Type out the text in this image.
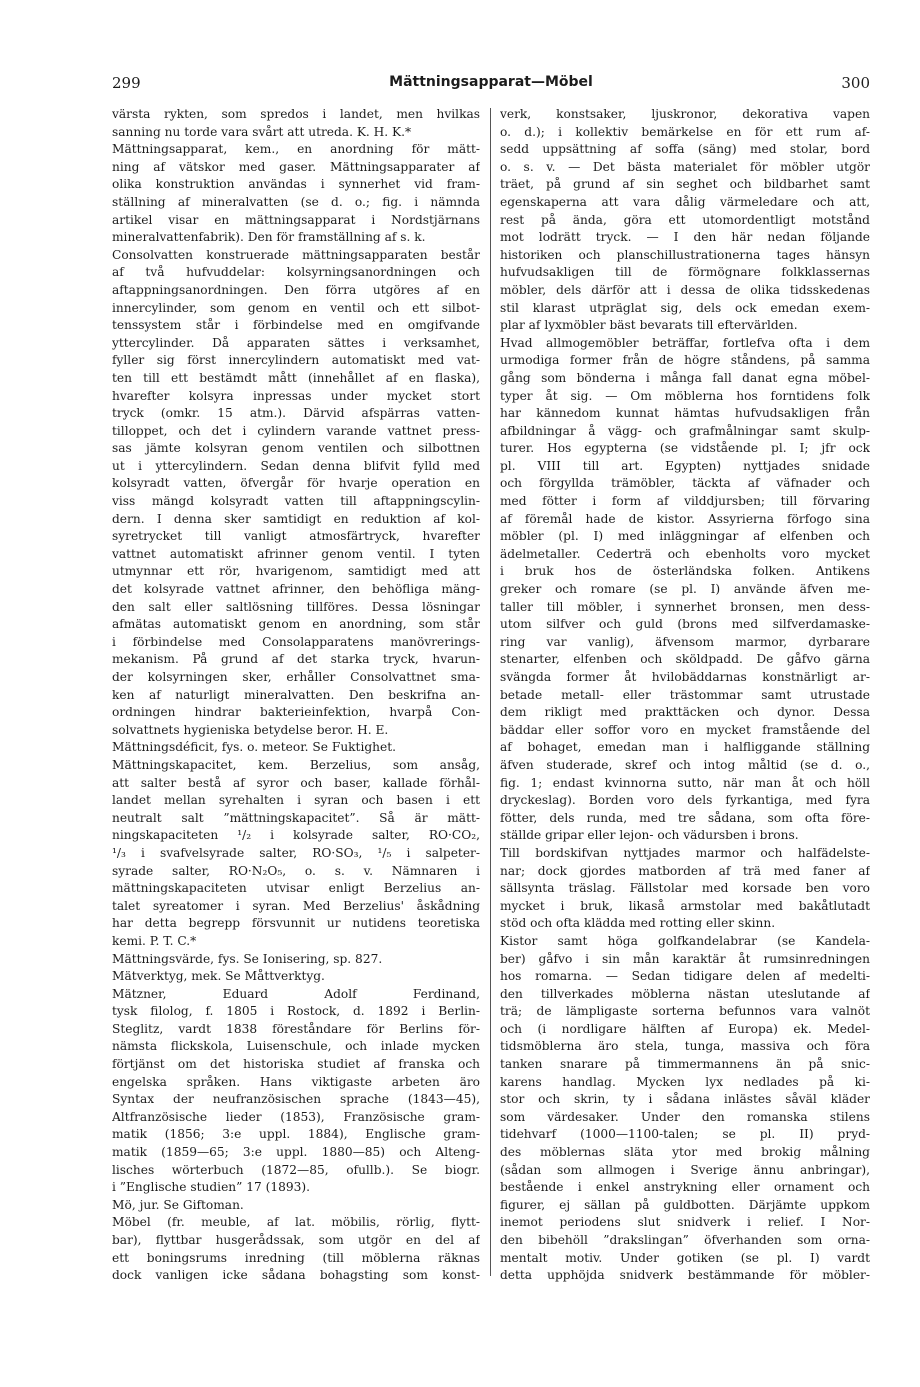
299	Mättningsapparat—Möbel	300
värsta rykten, som spredos i landet, men hvilkas
sanning nu torde vara svårt att utreda. K. H. K.*
Mättningsapparat, kem., en anordning för mätt-
ning af vätskor med gaser. Mättningsapparater af
olika konstruktion användas i synnerhet vid fram-
ställning af mineralvatten (se d. o.; fig. i nämnda
artikel visar en mättningsapparat i Nordstjärnans
mineralvattenfabrik). Den för framställning af s. k.
Consolvatten konstruerade mättningsapparaten består
af två hufvuddelar: kolsyrningsanordningen och
aftappningsanordningen. Den förra utgöres af en
innercylinder, som genom en ventil och ett silbot-
tenssystem står i förbindelse med en omgifvande
yttercylinder. Då apparaten sättes i verksamhet,
fyller sig först innercylindern automatiskt med vat-
ten till ett bestämdt mått (innehållet af en flaska),
hvarefter kolsyra inpressas under mycket stort
tryck (omkr. 15 atm.). Därvid afspärras vatten-
tilloppet, och det i cylindern varande vattnet press-
sas jämte kolsyran genom ventilen och silbottnen
ut i yttercylindern. Sedan denna blifvit fylld med
kolsyradt vatten, öfvergår för hvarje operation en
viss mängd kolsyradt vatten till aftappningscylin-
dern. I denna sker samtidigt en reduktion af kol-
syretrycket till vanligt atmosfärtryck, hvarefter
vattnet automatiskt afrinner genom ventil. I tyten
utmynnar ett rör, hvarigenom, samtidigt med att
det kolsyrade vattnet afrinner, den behöfliga mäng-
den salt eller saltlösning tillföres. Dessa lösningar
afmätas automatiskt genom en anordning, som står
i förbindelse med Consolapparatens manövrerings-
mekanism. På grund af det starka tryck, hvarun-
der kolsyrningen sker, erhåller Consolvattnet smа-
ken af naturligt mineralvatten. Den beskrifna an-
ordningen hindrar bakterieinfektion, hvarpå Con-
solvattnets hygieniska betydelse beror. H. E.
Mättningsdéficit, fys. o. meteor. Se Fuktighet.
Mättningskapacitet, kem. Berzelius, som ansåg,
att salter bestå af syror och baser, kallade förhål-
landet mellan syrehalten i syran och basen i ett
neutralt salt ”mättningskapacitet”. Så är mätt-
ningskapaciteten ¹/₂ i kolsyrade salter, RO·CO₂,
¹/₃ i svafvelsyrade salter, RO·SO₃, ¹/₅ i salpeter-
syrade salter, RO·N₂O₅, o. s. v. Nämnaren i
mättningskapaciteten utvisar enligt Berzelius an-
talet syreatomer i syran. Med Berzelius' åskådning
har detta begrepp försvunnit ur nutidens teoretiska
kemi. P. T. C.*
Mättningsvärde, fys. Se Ionisering, sp. 827.
Mätverktyg, mek. Se Måttverktyg.
Mätzner, Eduard Adolf Ferdinand,
tysk filolog, f. 1805 i Rostock, d. 1892 i Berlin-
Steglitz, vardt 1838 föreståndare för Berlins för-
nämsta flickskola, Luisenschule, och inlade mycken
förtjänst om det historiska studiet af franska och
engelska språken. Hans viktigaste arbeten äro
Syntax der neufranzösischen sprache (1843—45),
Altfranzösische lieder (1853), Französische gram-
matik (1856; 3:e uppl. 1884), Englische gram-
matik (1859—65; 3:e uppl. 1880—85) och Alteng-
lisches wörterbuch (1872—85, ofullb.). Se biogr.
i ”Englische studien” 17 (1893).
Mö, jur. Se Giftoman.
Möbel (fr. meuble, af lat. möbilis, rörlig, flytt-
bar), flyttbar husgerådssak, som utgör en del af
ett boningsrums inredning (till möblerna räknas
dock vanligen icke sådana bohagsting som konst-
verk, konstsaker, ljuskronor, dekorativa vapen
o. d.); i kollektiv bemärkelse en för ett rum af-
sedd uppsättning af soffa (säng) med stolar, bord
o. s. v. — Det bästa materialet för möbler utgör
träet, på grund af sin seghet och bildbarhet samt
egenskaperna att vara dålig värmeledare och att,
rest på ända, göra ett utomordentligt motstånd
mot lodrätt tryck. — I den här nedan följande
historiken och planschillustrationerna tages hänsyn
hufvudsakligen till de förmögnare folkklassernas
möbler, dels därför att i dessa de olika tidsskedenas
stil klarast utpräglat sig, dels ock emedan exem-
plar af lyxmöbler bäst bevarats till eftervärlden.
Hvad allmogemöbler beträffar, fortlefva ofta i dem
urmodiga former från de högre ståndens, på samma
gång som bönderna i många fall danat egna möbel-
typer åt sig. — Om möblerna hos forntidens folk
har kännedom kunnat hämtas hufvudsakligen från
afbildningar å vägg- och grafmålningar samt skulp-
turer. Hos egypterna (se vidstående pl. I; jfr ock
pl. VIII till art. Egypten) nyttjades snidade
och förgyllda trämöbler, täckta af väfnader och
med fötter i form af vilddjursben; till förvaring
af föremål hade de kistor. Assyrierna förfogo sina
möbler (pl. I) med inläggningar af elfenben och
ädelmetaller. Cederträ och ebenholts voro mycket
i bruk hos de österländska folken. Antikens
greker och romare (se pl. I) använde äfven me-
taller till möbler, i synnerhet bronsen, men dess-
utom silfver och guld (brons med silfverdamaske-
ring var vanlig), äfvensom marmor, dyrbarare
stenarter, elfenben och sköldpadd. De gåfvo gärna
svängda former åt hvilobäddarnas konstnärligt ar-
betade metall- eller trästommar samt utrustade
dem rikligt med prakttäcken och dynor. Dessa
bäddar eller soffor voro en mycket framstående del
af bohaget, emedan man i halfliggande ställning
äfven studerade, skref och intog måltid (se d. o.,
fig. 1; endast kvinnorna sutto, när man åt och höll
dryckeslag). Borden voro dels fyrkantiga, med fyra
fötter, dels runda, med tre sådana, som ofta före-
ställde gripar eller lejon- och vädursben i brons.
Till bordskifvan nyttjades marmor och halfädelste-
nar; dock gjordes matborden af trä med faner af
sällsynta träslag. Fällstolar med korsade ben voro
mycket i bruk, likaså armstolar med bakåtlutadt
stöd och ofta klädda med rotting eller skinn.
Kistor samt höga golfkandelabrar (se Kandela-
ber) gåfvo i sin mån karaktär åt rumsinredningen
hos romarna. — Sedan tidigare delen af medelti-
den tillverkades möblerna nästan uteslutande af
trä; de lämpligaste sorterna befunnos vara valnöt
och (i nordligare hälften af Europa) ek. Medel-
tidsmöblerna äro stela, tunga, massiva och föra
tanken snarare på timmermannens än på snic-
karens handlag. Mycken lyx nedlades på ki-
stor och skrin, ty i sådana inlästes såväl kläder
som värdesaker. Under den romanska stilens
tidehvarf (1000—1100-talen; se pl. II) pryd-
des möblernas släta ytor med brokig målning
(sådan som allmogen i Sverige ännu anbringar),
bestående i enkel anstrykning eller ornament och
figurer, ej sällan på guldbotten. Därjämte uppkom
inemot periodens slut snidverk i relief. I Nor-
den bibehöll ”drakslingan” öfverhanden som orna-
mentalt motiv. Under gotiken (se pl. I) vardt
detta upphöjda snidverk bestämmande för möbler-
